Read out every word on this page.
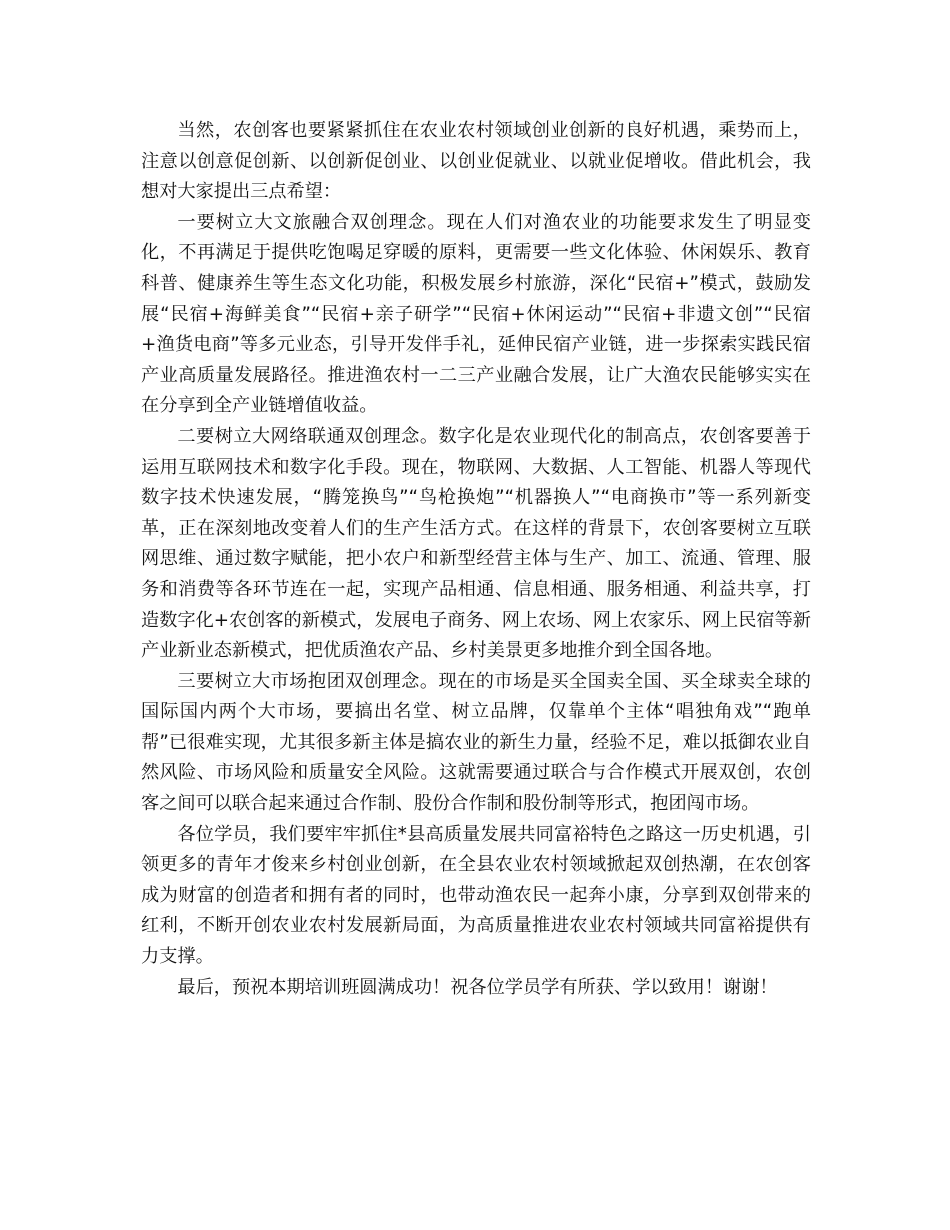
当然，农创客也要紧紧抓住在农业农村领域创业创新的良好机遇，乘势而上，注意以创意促创新、以创新促创业、以创业促就业、以就业促增收。借此机会，我想对大家提出三点希望：

一要树立大文旅融合双创理念。现在人们对渔农业的功能要求发生了明显变化，不再满足于提供吃饱喝足穿暖的原料，更需要一些文化体验、休闲娱乐、教育科普、健康养生等生态文化功能，积极发展乡村旅游，深化“民宿+”模式，鼓励发展“民宿+海鲜美食”“民宿+亲子研学”“民宿+休闲运动”“民宿+非遗文创”“民宿+渔货电商”等多元业态，引导开发伴手礼，延伸民宿产业链，进一步探索实践民宿产业高质量发展路径。推进渔农村一二三产业融合发展，让广大渔农民能够实实在在分享到全产业链增值收益。

二要树立大网络联通双创理念。数字化是农业现代化的制高点，农创客要善于运用互联网技术和数字化手段。现在，物联网、大数据、人工智能、机器人等现代数字技术快速发展，“腾笼换鸟”“鸟枪换炮”“机器换人”“电商换市”等一系列新变革，正在深刻地改变着人们的生产生活方式。在这样的背景下，农创客要树立互联网思维、通过数字赋能，把小农户和新型经营主体与生产、加工、流通、管理、服务和消费等各环节连在一起，实现产品相通、信息相通、服务相通、利益共享，打造数字化+农创客的新模式，发展电子商务、网上农场、网上农家乐、网上民宿等新产业新业态新模式，把优质渔农产品、乡村美景更多地推介到全国各地。

三要树立大市场抱团双创理念。现在的市场是买全国卖全国、买全球卖全球的国际国内两个大市场，要搞出名堂、树立品牌，仅靠单个主体“唱独角戏”“跑单帮”已很难实现，尤其很多新主体是搞农业的新生力量，经验不足，难以抵御农业自然风险、市场风险和质量安全风险。这就需要通过联合与合作模式开展双创，农创客之间可以联合起来通过合作制、股份合作制和股份制等形式，抱团闯市场。

各位学员，我们要牢牢抓住*县高质量发展共同富裕特色之路这一历史机遇，引领更多的青年才俊来乡村创业创新，在全县农业农村领域掀起双创热潮，在农创客成为财富的创造者和拥有者的同时，也带动渔农民一起奔小康，分享到双创带来的红利，不断开创农业农村发展新局面，为高质量推进农业农村领域共同富裕提供有力支撑。

最后，预祝本期培训班圆满成功！祝各位学员学有所获、学以致用！谢谢！
